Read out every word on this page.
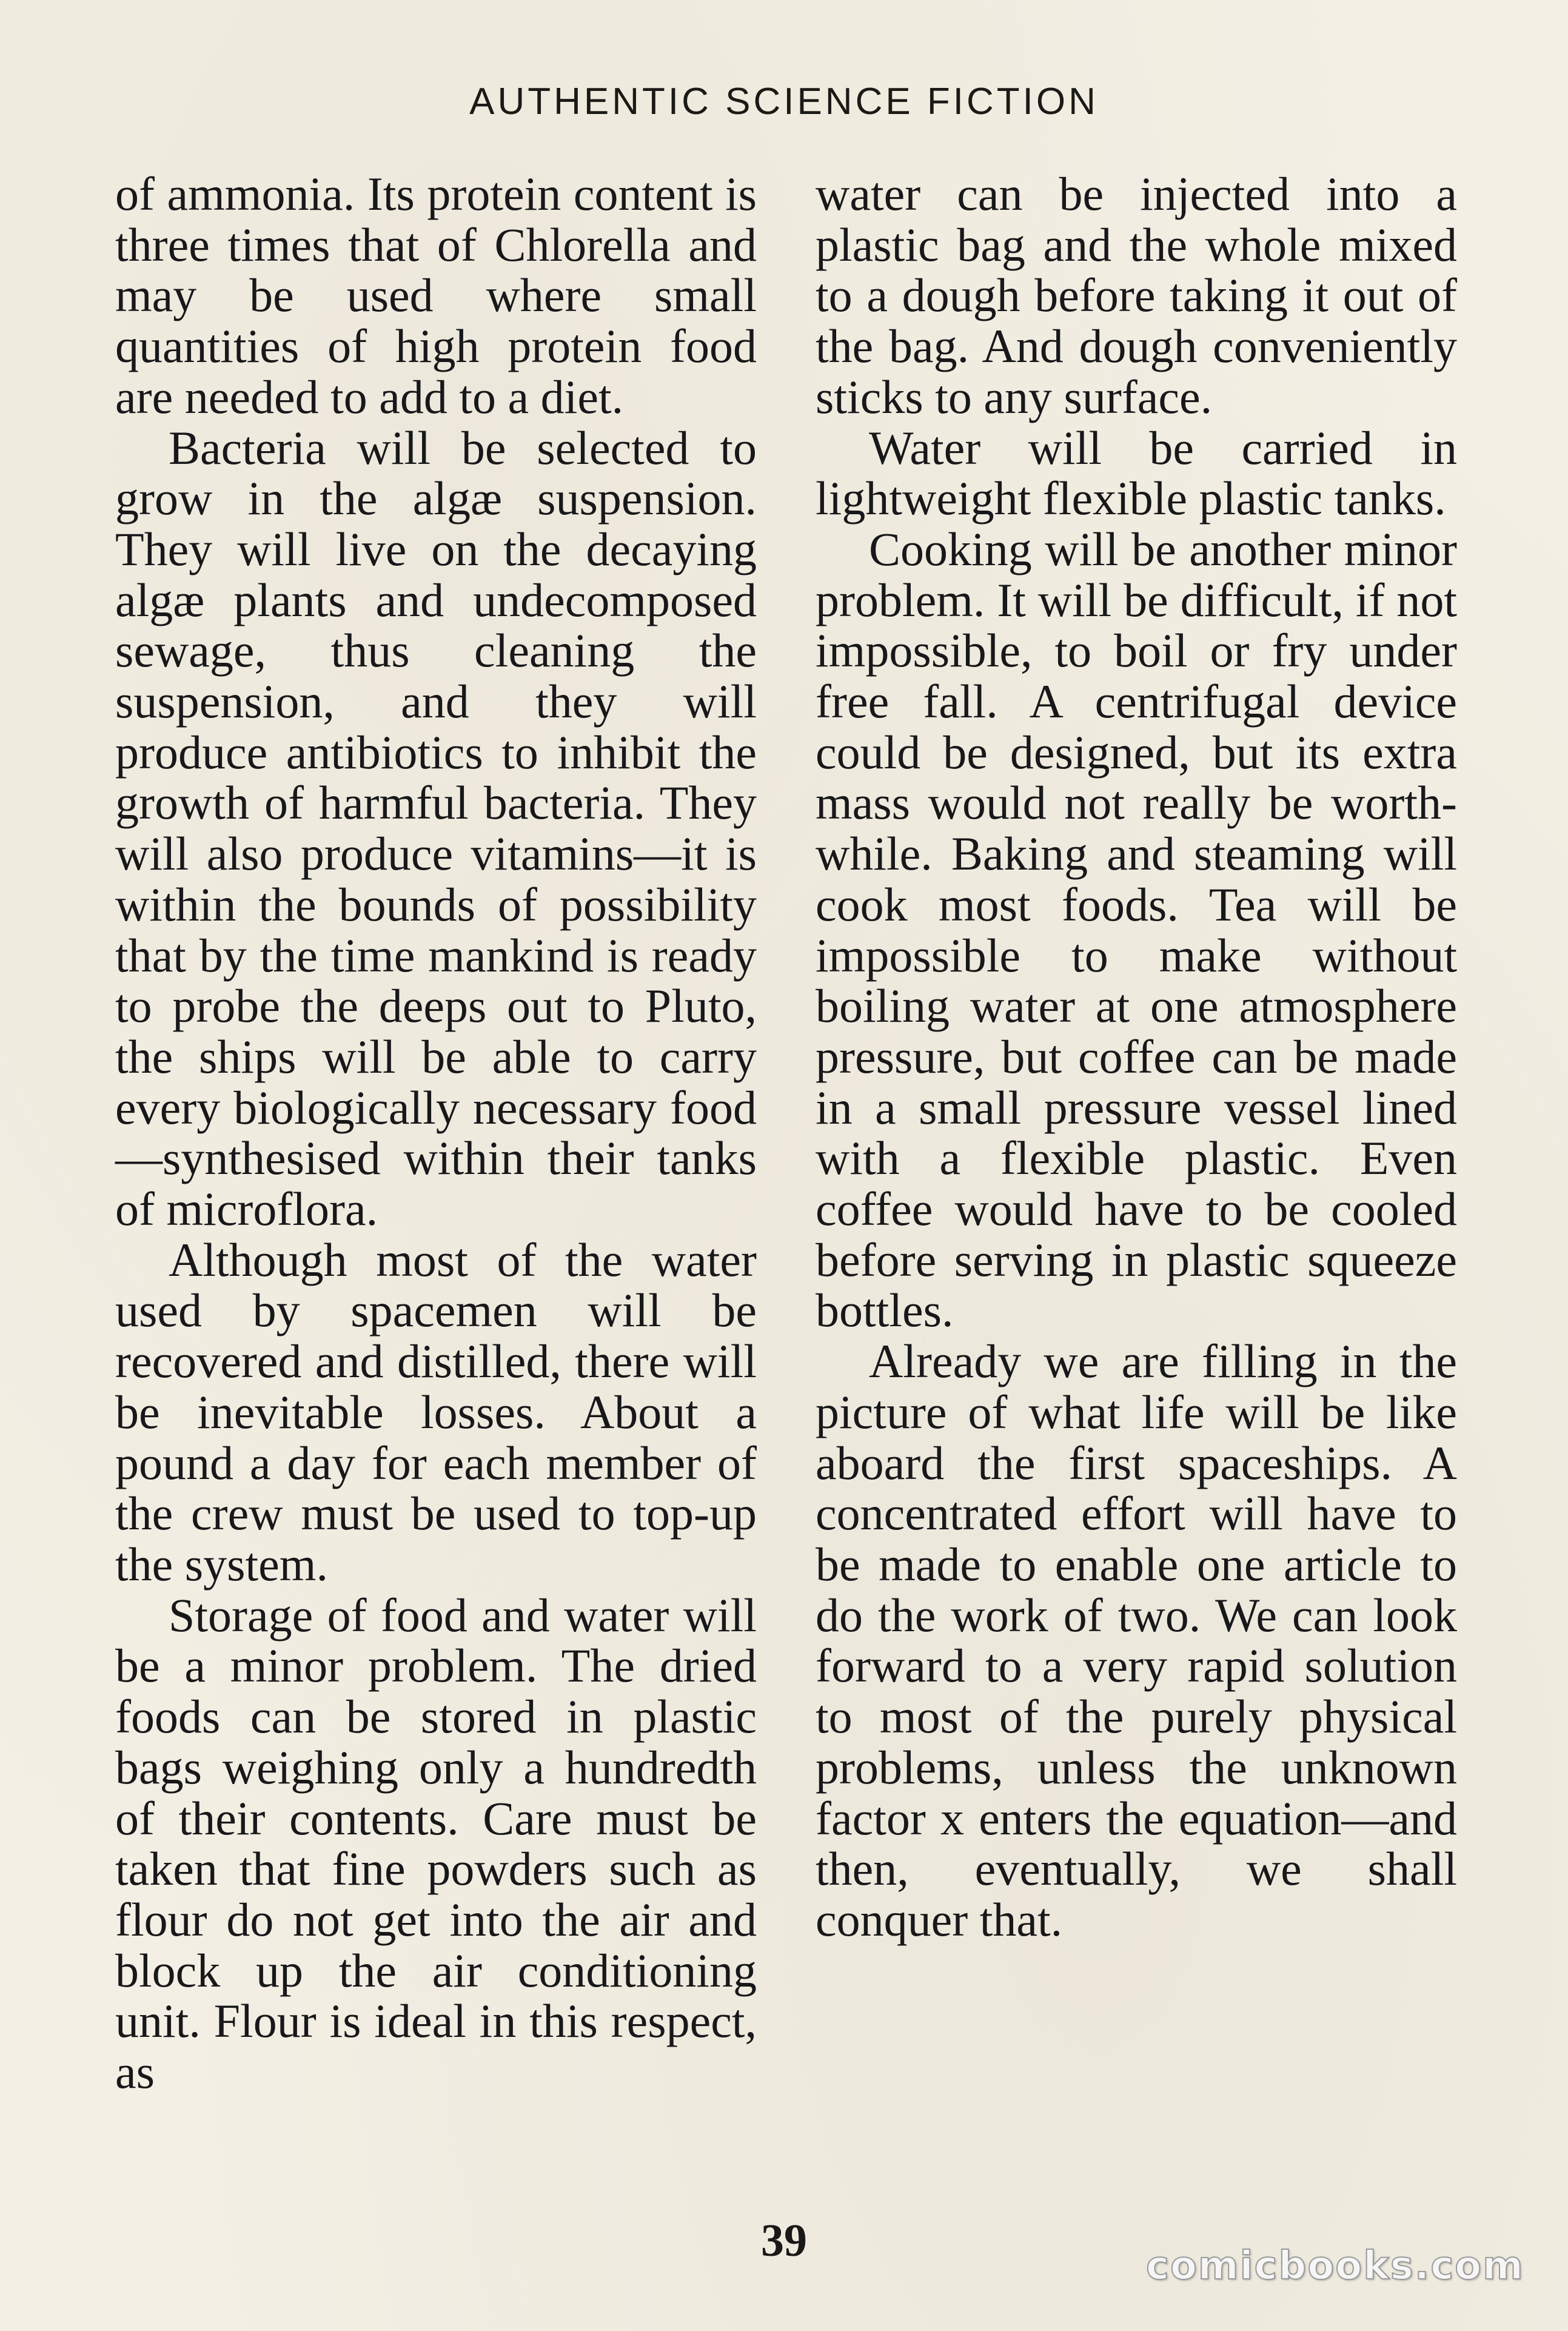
AUTHENTIC SCIENCE FICTION

of ammonia. Its protein content is three times that of Chlorella and may be used where small quantities of high protein food are needed to add to a diet.

Bacteria will be selected to grow in the algæ suspension. They will live on the decaying algæ plants and undecomposed sewage, thus cleaning the suspension, and they will produce antibiotics to inhibit the growth of harmful bacteria. They will also produce vitamins—it is within the bounds of possibility that by the time mankind is ready to probe the deeps out to Pluto, the ships will be able to carry every biologically necessary food—synthesised within their tanks of microflora.

Although most of the water used by spacemen will be recovered and distilled, there will be inevitable losses. About a pound a day for each member of the crew must be used to top-up the system.

Storage of food and water will be a minor problem. The dried foods can be stored in plastic bags weighing only a hundredth of their contents. Care must be taken that fine powders such as flour do not get into the air and block up the air conditioning unit. Flour is ideal in this respect, as

water can be injected into a plastic bag and the whole mixed to a dough before taking it out of the bag. And dough conveniently sticks to any surface.

Water will be carried in lightweight flexible plastic tanks.

Cooking will be another minor problem. It will be difficult, if not impossible, to boil or fry under free fall. A centrifugal device could be designed, but its extra mass would not really be worthwhile. Baking and steaming will cook most foods. Tea will be impossible to make without boiling water at one atmosphere pressure, but coffee can be made in a small pressure vessel lined with a flexible plastic. Even coffee would have to be cooled before serving in plastic squeeze bottles.

Already we are filling in the picture of what life will be like aboard the first spaceships. A concentrated effort will have to be made to enable one article to do the work of two. We can look forward to a very rapid solution to most of the purely physical problems, unless the unknown factor x enters the equation—and then, eventually, we shall conquer that.

39	comicbooks.com
